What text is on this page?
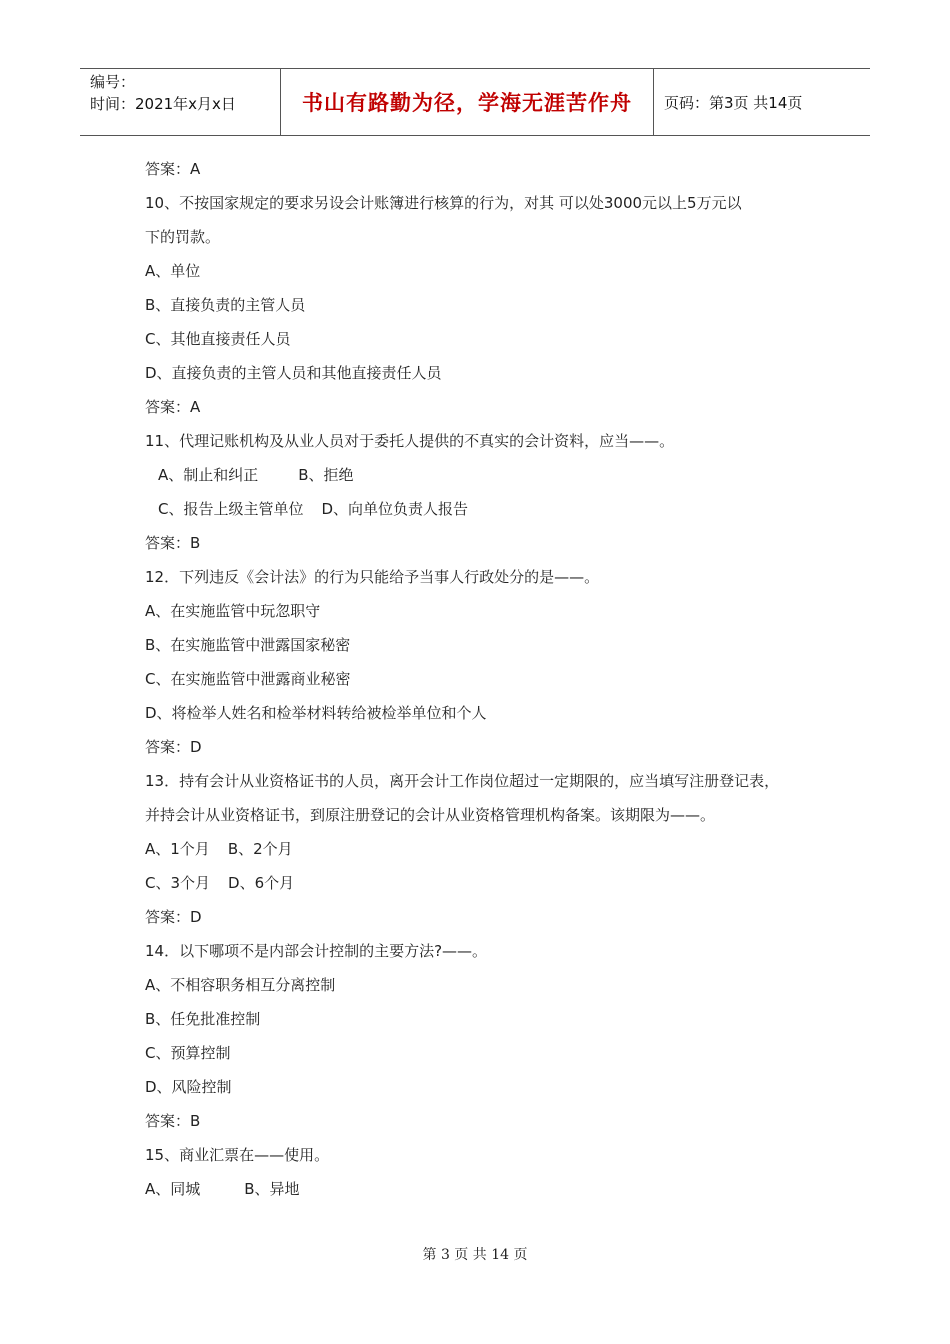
编号：
时间：2021年x月x日	书山有路勤为径，学海无涯苦作舟 页码：第3页 共14页
答案：A
10、不按国家规定的要求另设会计账簿进行核算的行为，对其 可以处3000元以上5万元以
下的罚款。
A、单位
B、直接负责的主管人员
C、其他直接责任人员
D、直接负责的主管人员和其他直接责任人员
答案：A
11、代理记账机构及从业人员对于委托人提供的不真实的会计资料，应当——。
A、制止和纠正	B、拒绝
C、报告上级主管单位 D、向单位负责人报告
答案：B
12．下列违反《会计法》的行为只能给予当事人行政处分的是——。
A、在实施监管中玩忽职守
B、在实施监管中泄露国家秘密
C、在实施监管中泄露商业秘密
D、将检举人姓名和检举材料转给被检举单位和个人
答案：D
13．持有会计从业资格证书的人员，离开会计工作岗位超过一定期限的，应当填写注册登记表，
并持会计从业资格证书，到原注册登记的会计从业资格管理机构备案。该期限为——。
A、1个月 B、2个月
C、3个月 D、6个月
答案：D
14．以下哪项不是内部会计控制的主要方法?——。
A、不相容职务相互分离控制
B、任免批准控制
C、预算控制
D、风险控制
答案：B
15、商业汇票在——使用。
A、同城	B、异地
第 3 页 共 14 页
